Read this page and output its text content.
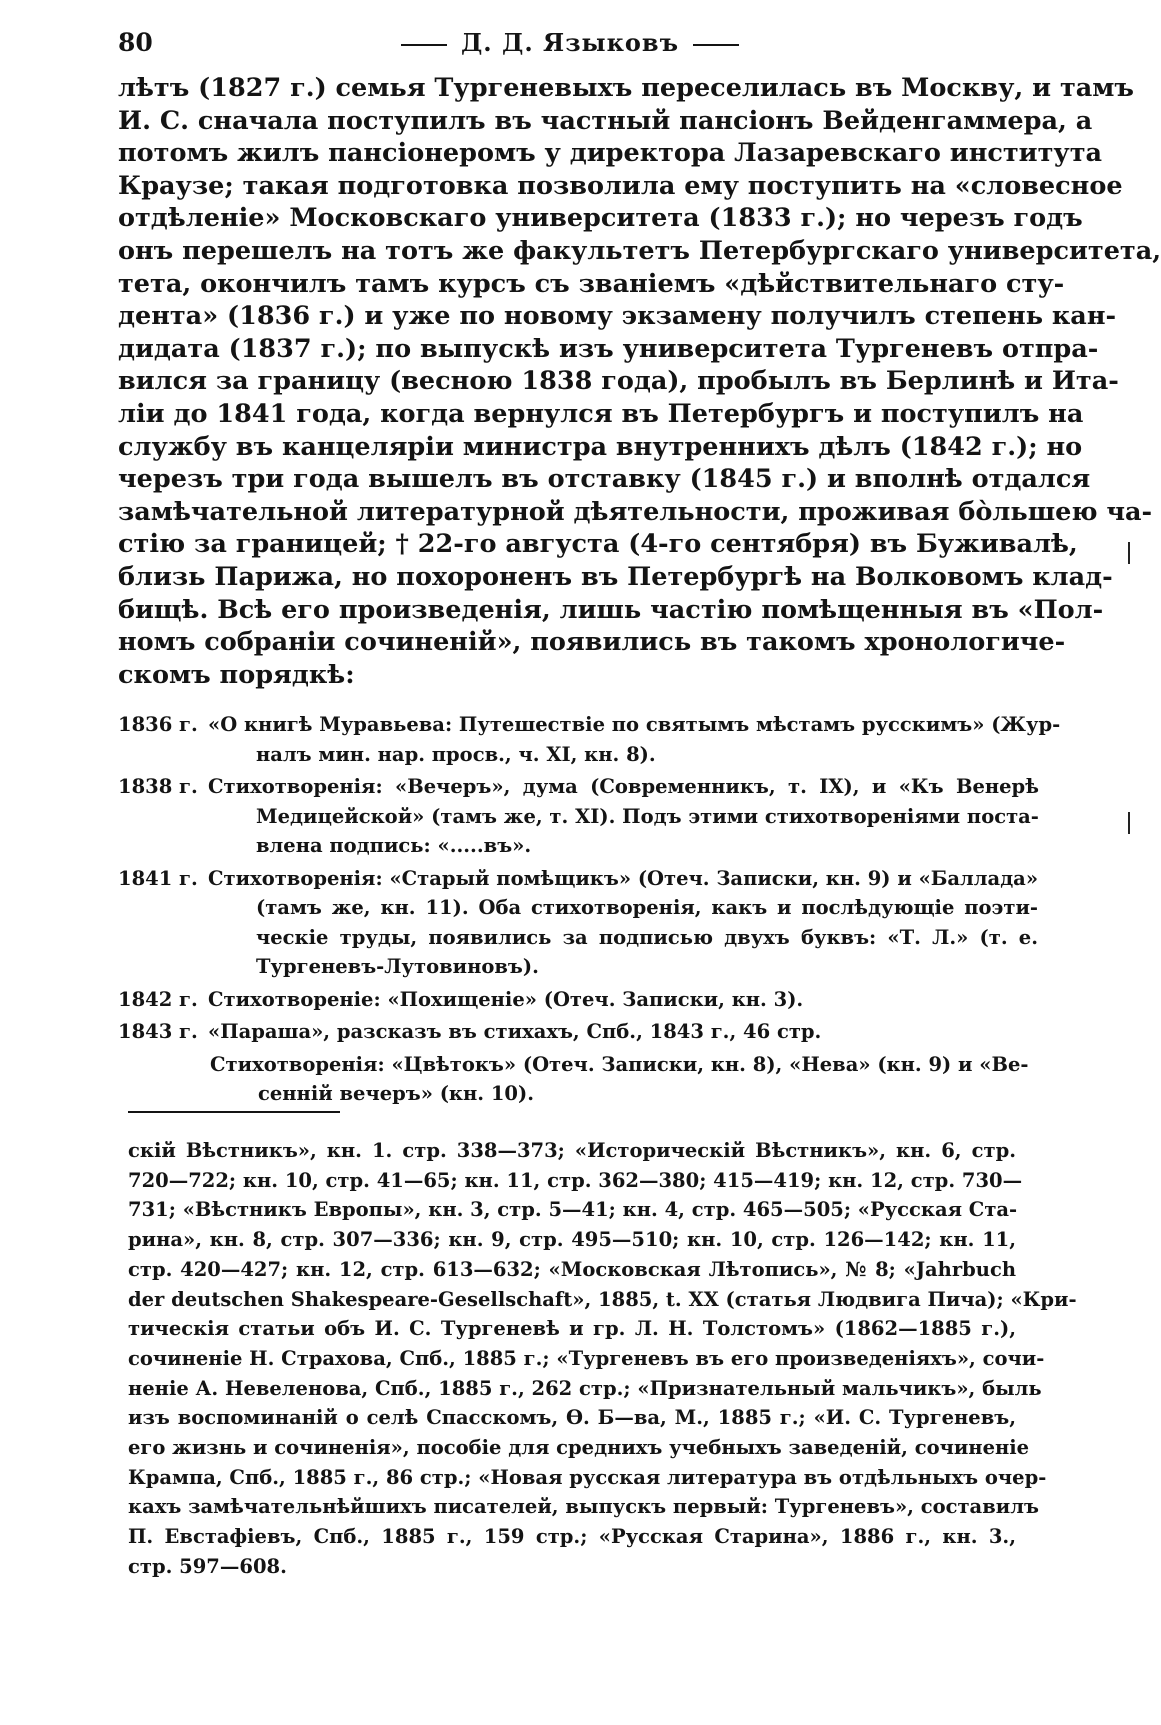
80	Д. Д. Языковъ
лѣтъ (1827 г.) семья Тургеневыхъ переселилась въ Москву, и тамъ
И. С. сначала поступилъ въ частный пансіонъ Вейденгаммера, а
потомъ жилъ пансіонеромъ у директора Лазаревскаго института
Краузе; такая подготовка позволила ему поступить на «словесное
отдѣленіе» Московскаго университета (1833 г.); но черезъ годъ
онъ перешелъ на тотъ же факультетъ Петербургскаго университета,
тета, окончилъ тамъ курсъ съ званіемъ «дѣйствительнаго сту-
дента» (1836 г.) и уже по новому экзамену получилъ степень кан-
дидата (1837 г.); по выпускѣ изъ университета Тургеневъ отпра-
вился за границу (весною 1838 года), пробылъ въ Берлинѣ и Ита-
ліи до 1841 года, когда вернулся въ Петербургъ и поступилъ на
службу въ канцеляріи министра внутреннихъ дѣлъ (1842 г.); но
черезъ три года вышелъ въ отставку (1845 г.) и вполнѣ отдался
замѣчательной литературной дѣятельности, проживая бо̀льшею ча-
стію за границей; † 22-го августа (4-го сентября) въ Буживалѣ,
близь Парижа, но похороненъ въ Петербургѣ на Волковомъ клад-
бищѣ. Всѣ его произведенія, лишь частію помѣщенныя въ «Пол-
номъ собраніи сочиненій», появились въ такомъ хронологиче-
скомъ порядкѣ:
1836 г. «О книгѣ Муравьева: Путешествіе по святымъ мѣстамъ русскимъ» (Жур-
налъ мин. нар. просв., ч. XI, кн. 8).
1838 г. Стихотворенія: «Вечеръ», дума (Современникъ, т. IX), и «Къ Венерѣ
Медицейской» (тамъ же, т. XI). Подъ этими стихотвореніями поста-
влена подпись: «.....въ».
1841 г. Стихотворенія: «Старый помѣщикъ» (Отеч. Записки, кн. 9) и «Баллада»
(тамъ же, кн. 11). Оба стихотворенія, какъ и послѣдующіе поэти-
ческіе труды, появились за подписью двухъ буквъ: «Т. Л.» (т. е.
Тургеневъ-Лутовиновъ).
1842 г. Стихотвореніе: «Похищеніе» (Отеч. Записки, кн. 3).
1843 г. «Параша», разсказъ въ стихахъ, Спб., 1843 г., 46 стр.
Стихотворенія: «Цвѣтокъ» (Отеч. Записки, кн. 8), «Нева» (кн. 9) и «Ве-
сенній вечеръ» (кн. 10).
скій Вѣстникъ», кн. 1. стр. 338—373; «Историческій Вѣстникъ», кн. 6, стр.
720—722; кн. 10, стр. 41—65; кн. 11, стр. 362—380; 415—419; кн. 12, стр. 730—
731; «Вѣстникъ Европы», кн. 3, стр. 5—41; кн. 4, стр. 465—505; «Русская Ста-
рина», кн. 8, стр. 307—336; кн. 9, стр. 495—510; кн. 10, стр. 126—142; кн. 11,
стр. 420—427; кн. 12, стр. 613—632; «Московская Лѣтопись», № 8; «Jahrbuch
der deutschen Shakespeare-Gesellschaft», 1885, t. XX (статья Людвига Пича); «Кри-
тическія статьи объ И. С. Тургеневѣ и гр. Л. Н. Толстомъ» (1862—1885 г.),
сочиненіе Н. Страхова, Спб., 1885 г.; «Тургеневъ въ его произведеніяхъ», сочи-
неніе А. Невеленова, Спб., 1885 г., 262 стр.; «Признательный мальчикъ», быль
изъ воспоминаній о селѣ Спасскомъ, Ѳ. Б—ва, М., 1885 г.; «И. С. Тургеневъ,
его жизнь и сочиненія», пособіе для среднихъ учебныхъ заведеній, сочиненіе
Крампа, Спб., 1885 г., 86 стр.; «Новая русская литература въ отдѣльныхъ очер-
кахъ замѣчательнѣйшихъ писателей, выпускъ первый: Тургеневъ», составилъ
П. Евстафіевъ, Спб., 1885 г., 159 стр.; «Русская Старина», 1886 г., кн. 3.,
стр. 597—608.
